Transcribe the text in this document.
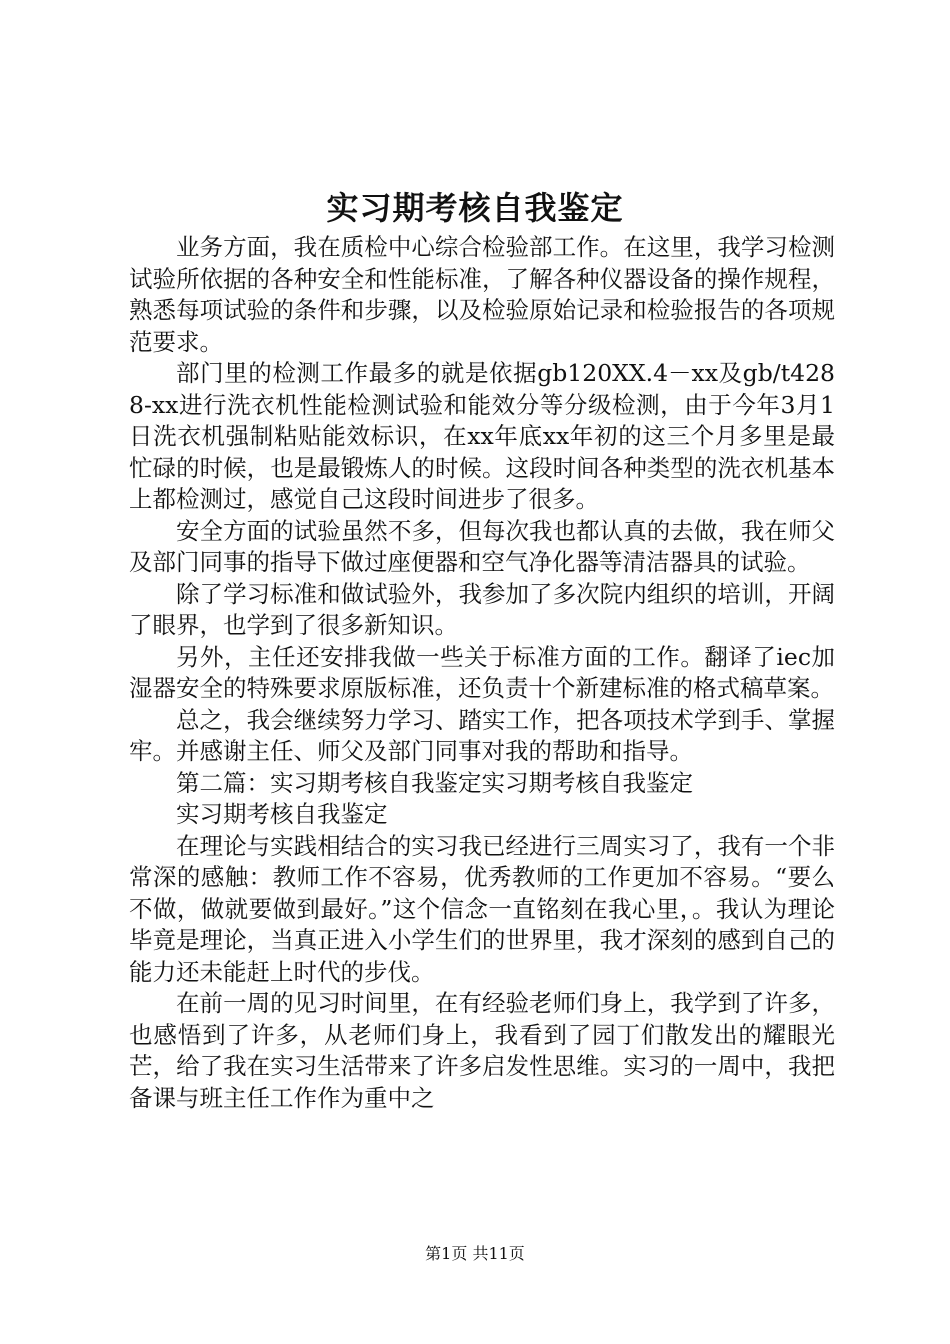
实习期考核自我鉴定

业务方面，我在质检中心综合检验部工作。在这里，我学习检测试验所依据的各种安全和性能标准，了解各种仪器设备的操作规程，熟悉每项试验的条件和步骤，以及检验原始记录和检验报告的各项规范要求。

部门里的检测工作最多的就是依据gb120XX.4－xx及gb/t4288-xx进行洗衣机性能检测试验和能效分等分级检测，由于今年3月1日洗衣机强制粘贴能效标识，在xx年底xx年初的这三个月多里是最忙碌的时候，也是最锻炼人的时候。这段时间各种类型的洗衣机基本上都检测过，感觉自己这段时间进步了很多。

安全方面的试验虽然不多，但每次我也都认真的去做，我在师父及部门同事的指导下做过座便器和空气净化器等清洁器具的试验。

除了学习标准和做试验外，我参加了多次院内组织的培训，开阔了眼界，也学到了很多新知识。

另外，主任还安排我做一些关于标准方面的工作。翻译了iec加湿器安全的特殊要求原版标准，还负责十个新建标准的格式稿草案。

总之，我会继续努力学习、踏实工作，把各项技术学到手、掌握牢。并感谢主任、师父及部门同事对我的帮助和指导。

第二篇：实习期考核自我鉴定实习期考核自我鉴定

实习期考核自我鉴定

在理论与实践相结合的实习我已经进行三周实习了，我有一个非常深的感触：教师工作不容易，优秀教师的工作更加不容易。“要么不做，做就要做到最好。”这个信念一直铭刻在我心里，。我认为理论毕竟是理论，当真正进入小学生们的世界里，我才深刻的感到自己的能力还未能赶上时代的步伐。

在前一周的见习时间里，在有经验老师们身上，我学到了许多，也感悟到了许多，从老师们身上，我看到了园丁们散发出的耀眼光芒，给了我在实习生活带来了许多启发性思维。实习的一周中，我把备课与班主任工作作为重中之

第1页 共11页
